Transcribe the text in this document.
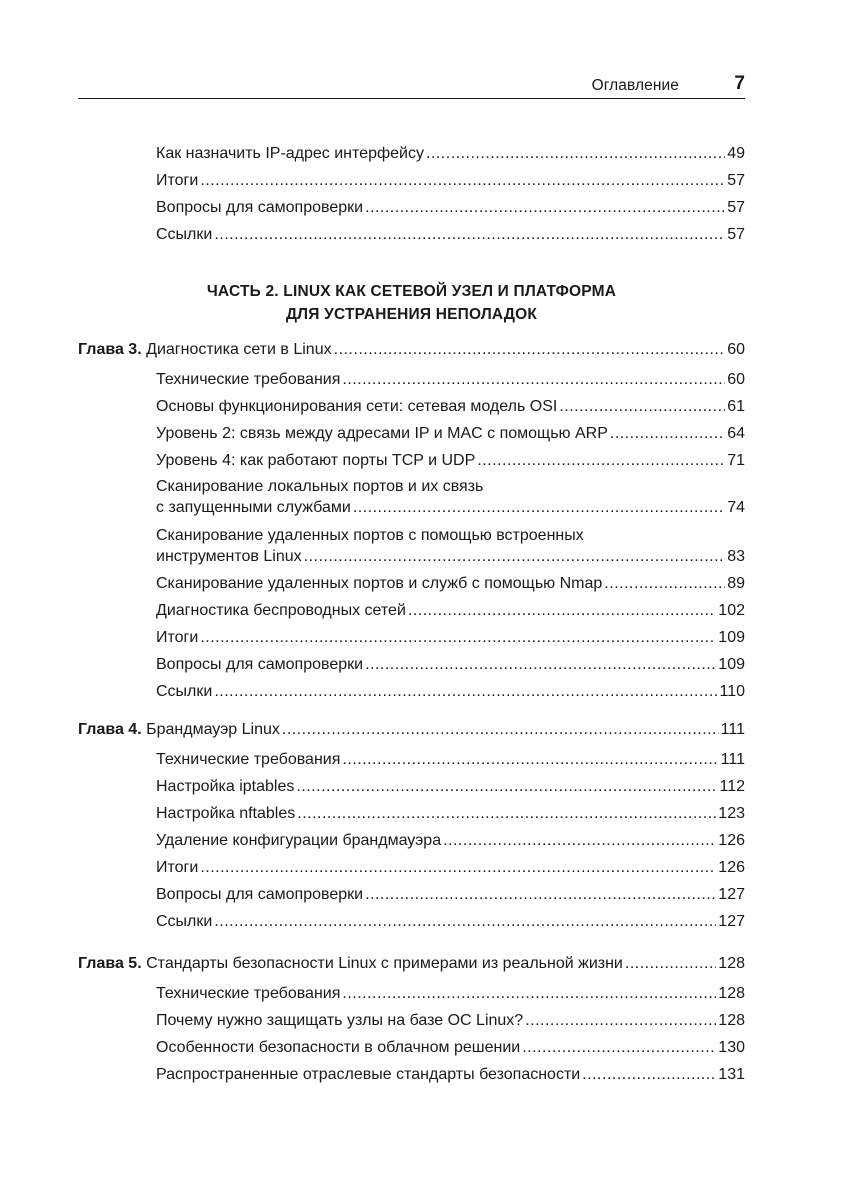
Оглавление	7
Как назначить IP-адрес интерфейсу .....	49
Итоги .....	57
Вопросы для самопроверки .....	57
Ссылки .....	57
ЧАСТЬ 2. LINUX КАК СЕТЕВОЙ УЗЕЛ И ПЛАТФОРМА
ДЛЯ УСТРАНЕНИЯ НЕПОЛАДОК
Глава 3. Диагностика сети в Linux .....	60
Технические требования .....	60
Основы функционирования сети: сетевая модель OSI .....	61
Уровень 2: связь между адресами IP и MAC с помощью ARP .....	64
Уровень 4: как работают порты TCP и UDP .....	71
Сканирование локальных портов и их связь
с запущенными службами .....	74
Сканирование удаленных портов с помощью встроенных
инструментов Linux .....	83
Сканирование удаленных портов и служб с помощью Nmap .....	89
Диагностика беспроводных сетей .....	102
Итоги .....	109
Вопросы для самопроверки .....	109
Ссылки .....	110
Глава 4. Брандмауэр Linux .....	111
Технические требования .....	111
Настройка iptables .....	112
Настройка nftables .....	123
Удаление конфигурации брандмауэра .....	126
Итоги .....	126
Вопросы для самопроверки .....	127
Ссылки .....	127
Глава 5. Стандарты безопасности Linux с примерами из реальной жизни .....	128
Технические требования .....	128
Почему нужно защищать узлы на базе ОС Linux? .....	128
Особенности безопасности в облачном решении .....	130
Распространенные отраслевые стандарты безопасности .....	131
